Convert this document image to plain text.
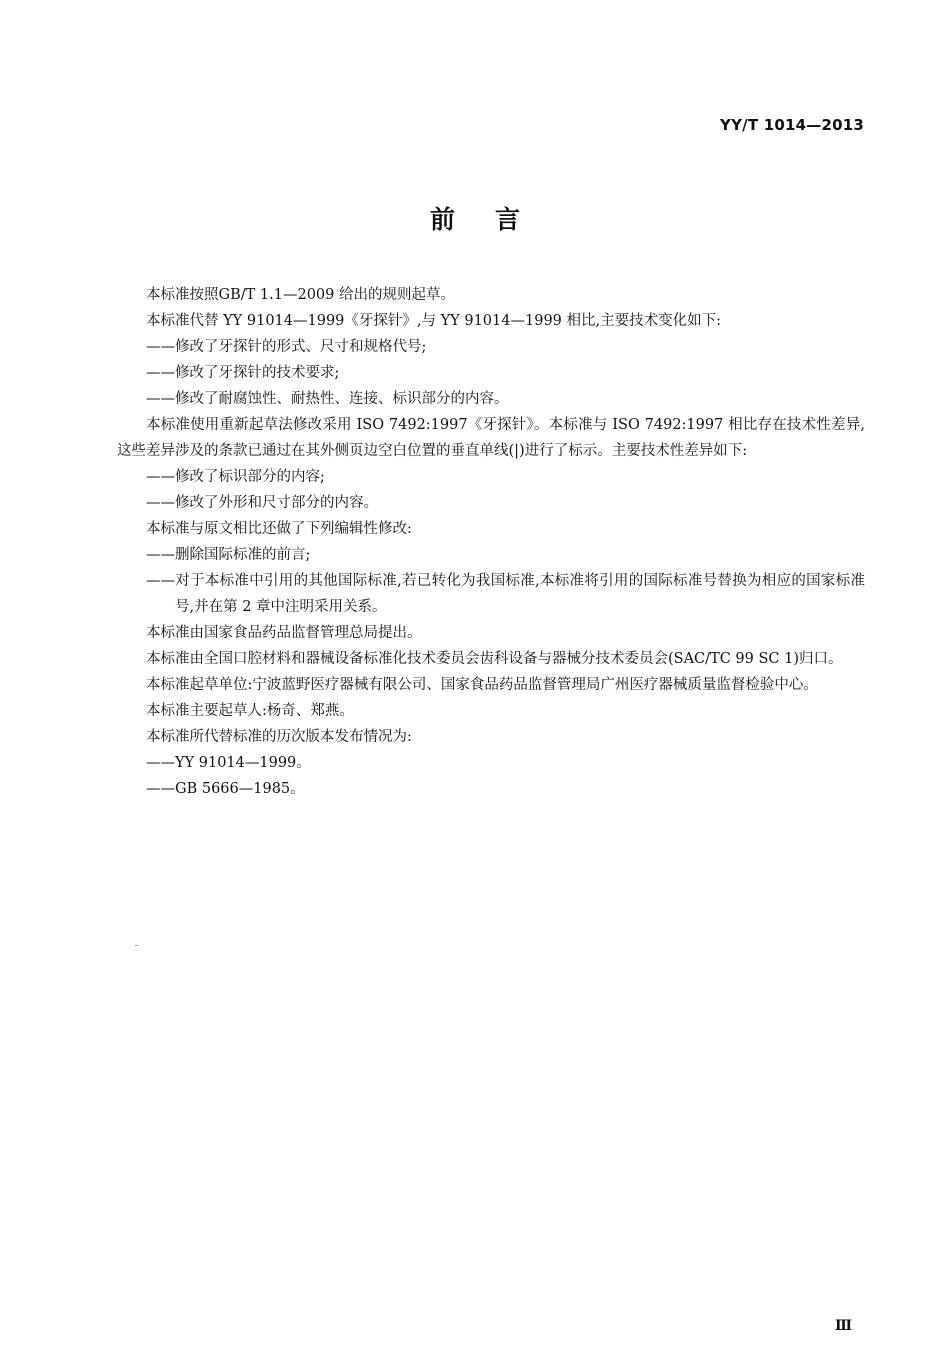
YY/T 1014—2013
前言

本标准按照GB/T 1.1—2009 给出的规则起草。

本标准代替 YY 91014—1999《牙探针》,与 YY 91014—1999 相比,主要技术变化如下:

——修改了牙探针的形式、尺寸和规格代号;

——修改了牙探针的技术要求;

——修改了耐腐蚀性、耐热性、连接、标识部分的内容。

本标准使用重新起草法修改采用 ISO 7492:1997《牙探针》。本标准与 ISO 7492:1997 相比存在技术性差异,这些差异涉及的条款已通过在其外侧页边空白位置的垂直单线(|)进行了标示。主要技术性差异如下:

——修改了标识部分的内容;

——修改了外形和尺寸部分的内容。

本标准与原文相比还做了下列编辑性修改:

——删除国际标准的前言;

——对于本标准中引用的其他国际标准,若已转化为我国标准,本标准将引用的国际标准号替换为相应的国家标准号,并在第 2 章中注明采用关系。

本标准由国家食品药品监督管理总局提出。

本标准由全国口腔材料和器械设备标准化技术委员会齿科设备与器械分技术委员会(SAC/TC 99 SC 1)归口。

本标准起草单位:宁波蓝野医疗器械有限公司、国家食品药品监督管理局广州医疗器械质量监督检验中心。

本标准主要起草人:杨奇、郑燕。

本标准所代替标准的历次版本发布情况为:

——YY 91014—1999。

——GB 5666—1985。

Ⅲ
